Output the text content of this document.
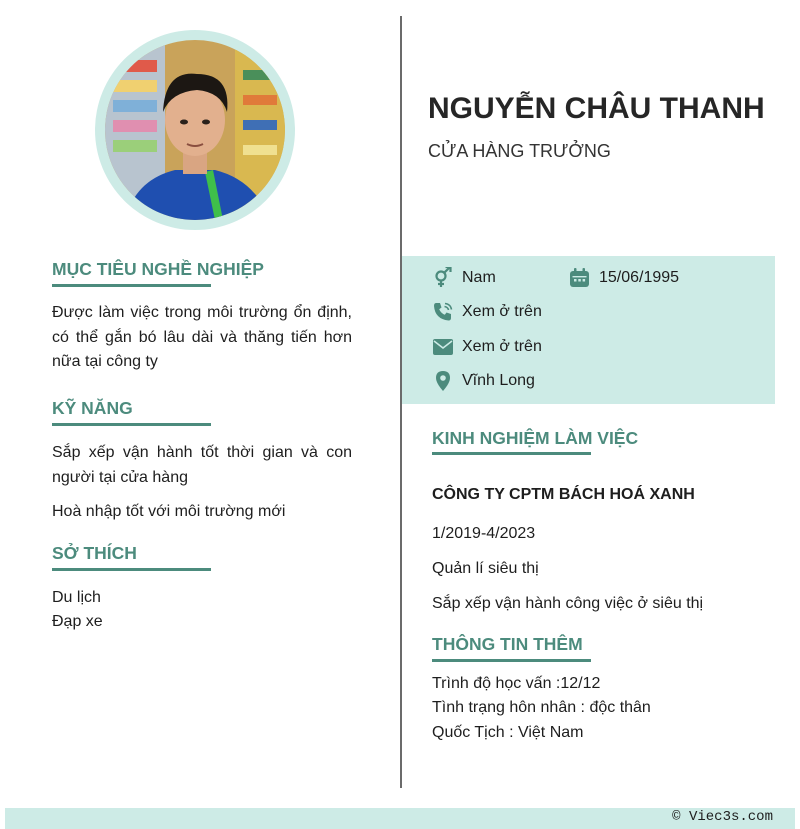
MỤC TIÊU NGHỀ NGHIỆP
Được làm việc trong môi trường ổn định, có thể gắn bó lâu dài và thăng tiến hơn nữa tại công ty
KỸ NĂNG
Sắp xếp vận hành tốt thời gian và con người tại cửa hàng
Hoà nhập tốt với môi trường mới
SỞ THÍCH
Du lịch
Đạp xe
NGUYỄN CHÂU THANH
CỬA HÀNG TRƯỞNG
Nam	15/06/1995
Xem ở trên
Xem ở trên
Vĩnh Long
KINH NGHIỆM LÀM VIỆC
CÔNG TY CPTM BÁCH HOÁ XANH
1/2019-4/2023
Quản lí siêu thị
Sắp xếp vận hành công việc ở siêu thị
THÔNG TIN THÊM
Trình độ học vấn :12/12
Tình trạng hôn nhân : độc thân
Quốc Tịch : Việt Nam
© Viec3s.com
